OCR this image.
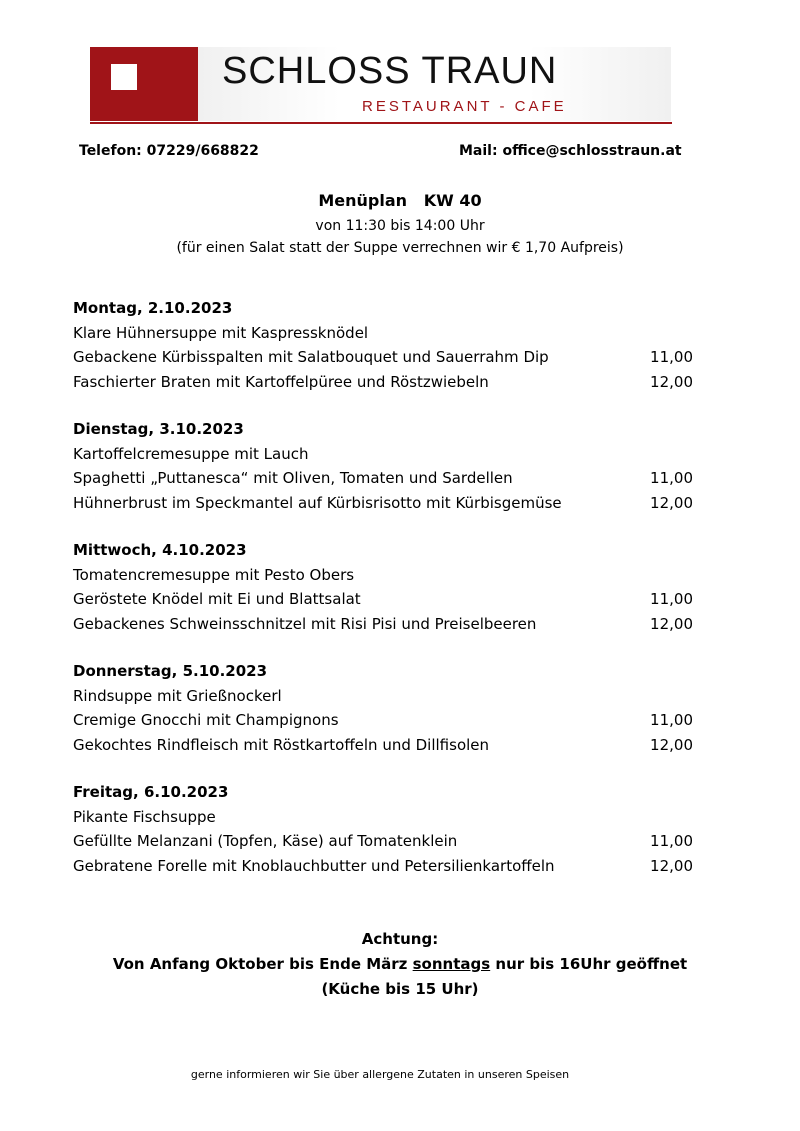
SCHLOSS TRAUN
RESTAURANT - CAFE
Telefon: 07229/668822	Mail: office@schlosstraun.at
Menüplan   KW 40
von 11:30 bis 14:00 Uhr
(für einen Salat statt der Suppe verrechnen wir € 1,70 Aufpreis)
Montag, 2.10.2023
Klare Hühnersuppe mit Kaspressknödel
Gebackene Kürbisspalten mit Salatbouquet und Sauerrahm Dip	11,00
Faschierter Braten mit Kartoffelpüree und Röstzwiebeln	12,00
Dienstag, 3.10.2023
Kartoffelcremesuppe mit Lauch
Spaghetti „Puttanesca“ mit Oliven, Tomaten und Sardellen	11,00
Hühnerbrust im Speckmantel auf Kürbisrisotto mit Kürbisgemüse	12,00
Mittwoch, 4.10.2023
Tomatencremesuppe mit Pesto Obers
Geröstete Knödel mit Ei und Blattsalat	11,00
Gebackenes Schweinsschnitzel mit Risi Pisi und Preiselbeeren	12,00
Donnerstag, 5.10.2023
Rindsuppe mit Grießnockerl
Cremige Gnocchi mit Champignons	11,00
Gekochtes Rindfleisch mit Röstkartoffeln und Dillfisolen	12,00
Freitag, 6.10.2023
Pikante Fischsuppe
Gefüllte Melanzani (Topfen, Käse) auf Tomatenklein	11,00
Gebratene Forelle mit Knoblauchbutter und Petersilienkartoffeln	12,00
Achtung:
Von Anfang Oktober bis Ende März sonntags nur bis 16Uhr geöffnet
(Küche bis 15 Uhr)
gerne informieren wir Sie über allergene Zutaten in unseren Speisen
